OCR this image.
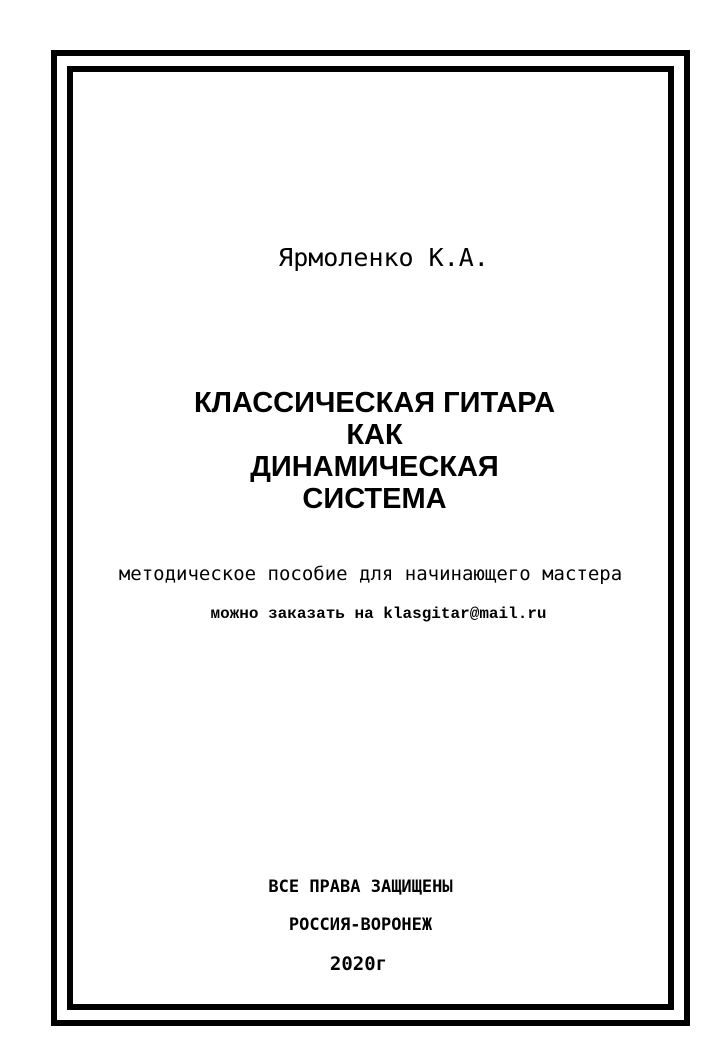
Ярмоленко К.А.
КЛАССИЧЕСКАЯ ГИТАРА
КАК
ДИНАМИЧЕСКАЯ
СИСТЕМА
методическое пособие для начинающего мастера
можно заказать на klasgitar@mail.ru
ВСЕ ПРАВА ЗАЩИЩЕНЫ
РОССИЯ-ВОРОНЕЖ
2020г
